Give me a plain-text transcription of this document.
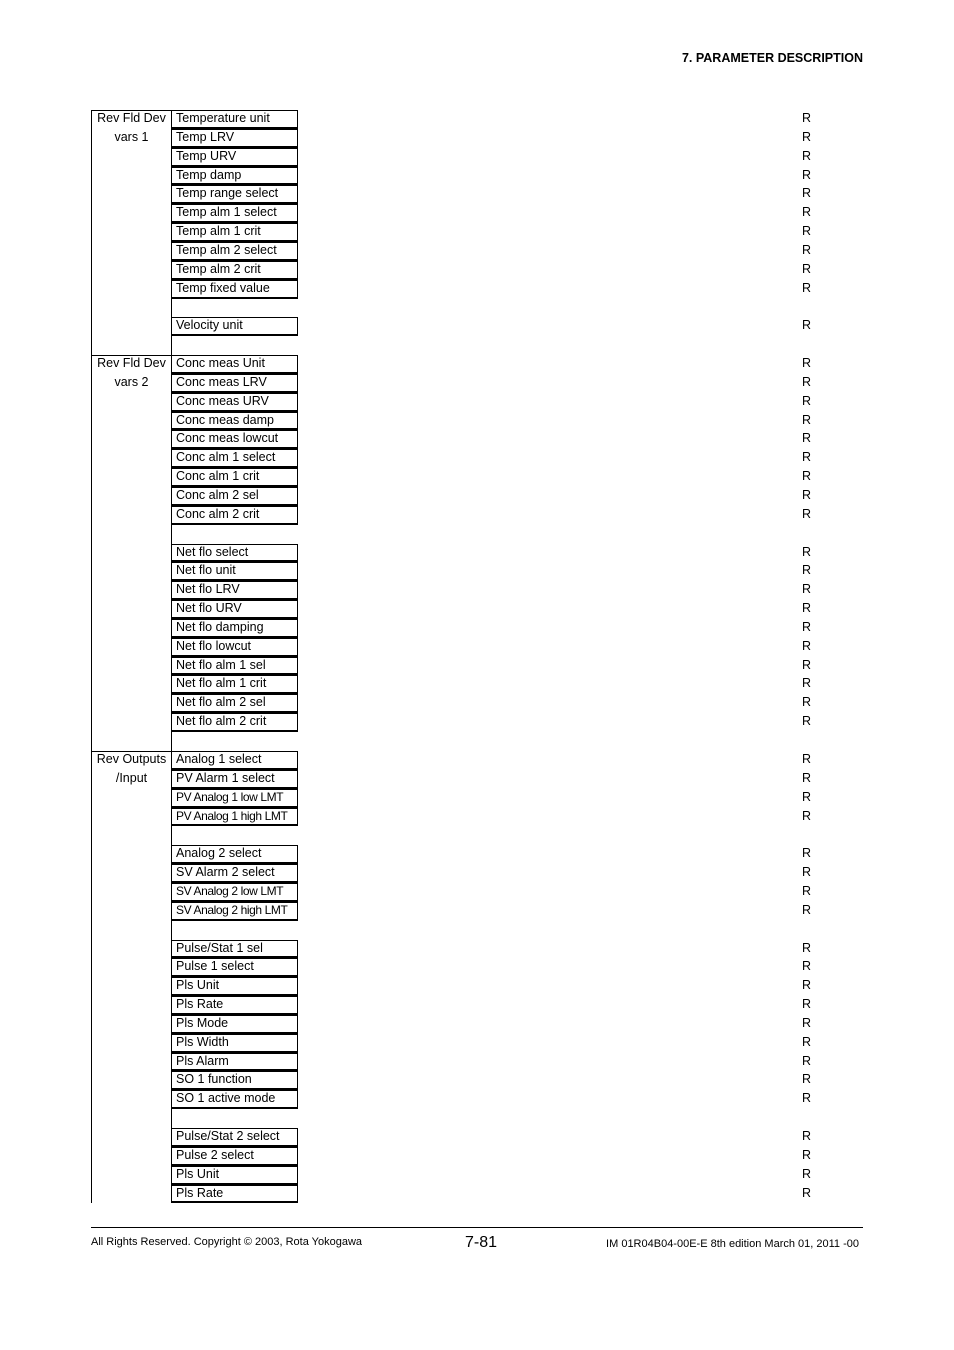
7. PARAMETER DESCRIPTION
Rev Fld Dev
vars 1
Temperature unit	R
Temp LRV	R
Temp URV	R
Temp damp	R
Temp range select	R
Temp alm 1 select	R
Temp alm 1 crit	R
Temp alm 2 select	R
Temp alm 2 crit	R
Temp fixed value	R
Velocity unit	R
Rev Fld Dev
vars 2
Conc meas Unit	R
Conc meas LRV	R
Conc meas URV	R
Conc meas damp	R
Conc meas lowcut	R
Conc alm 1 select	R
Conc alm 1 crit	R
Conc alm 2 sel	R
Conc alm 2 crit	R
Net flo select	R
Net flo unit	R
Net flo LRV	R
Net flo URV	R
Net flo damping	R
Net flo lowcut	R
Net flo alm 1 sel	R
Net flo alm 1 crit	R
Net flo alm 2 sel	R
Net flo alm 2 crit	R
Rev Outputs
/Input
Analog 1 select	R
PV Alarm 1 select	R
PV Analog 1 low LMT	R
PV Analog 1 high LMT	R
Analog 2 select	R
SV Alarm 2 select	R
SV Analog 2 low LMT	R
SV Analog 2 high LMT	R
Pulse/Stat 1 sel	R
Pulse 1 select	R
Pls Unit	R
Pls Rate	R
Pls Mode	R
Pls Width	R
Pls Alarm	R
SO 1 function	R
SO 1 active mode	R
Pulse/Stat 2 select	R
Pulse 2 select	R
Pls Unit	R
Pls Rate	R
All Rights Reserved. Copyright © 2003, Rota Yokogawa	7-81	IM 01R04B04-00E-E 8th edition March 01, 2011 -00
